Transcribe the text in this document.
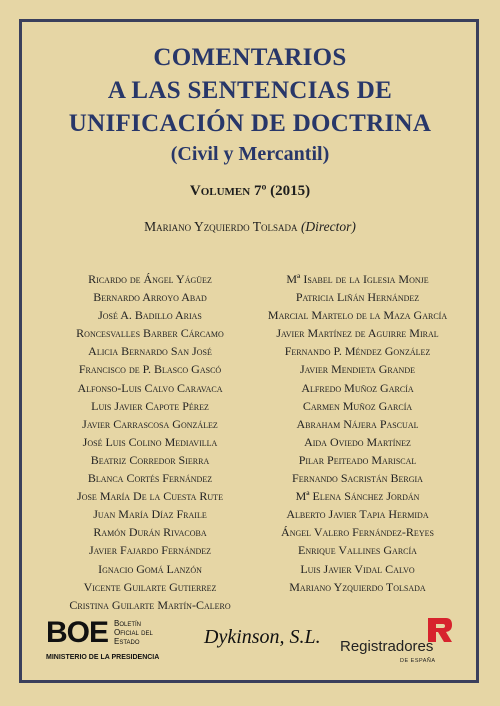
COMENTARIOS
A LAS SENTENCIAS DE
UNIFICACIÓN DE DOCTRINA
(Civil y Mercantil)
Volumen 7º (2015)
Mariano Yzquierdo Tolsada (Director)
Ricardo de Ángel Yágüez
Bernardo Arroyo Abad
José A. Badillo Arias
Roncesvalles Barber Cárcamo
Alicia Bernardo San José
Francisco de P. Blasco Gascó
Alfonso-Luis Calvo Caravaca
Luis Javier Capote Pérez
Javier Carrascosa González
José Luis Colino Mediavilla
Beatriz Corredor Sierra
Blanca Cortés Fernández
Jose María De la Cuesta Rute
Juan María Díaz Fraile
Ramón Durán Rivacoba
Javier Fajardo Fernández
Ignacio Gomá Lanzón
Vicente Guilarte Gutierrez
Cristina Guilarte Martín-Calero
Mª Isabel de la Iglesia Monje
Patricia Liñán Hernández
Marcial Martelo de la Maza García
Javier Martínez de Aguirre Miral
Fernando P. Méndez González
Javier Mendieta Grande
Alfredo Muñoz García
Carmen Muñoz García
Abraham Nájera Pascual
Aida Oviedo Martínez
Pilar Peiteado Mariscal
Fernando Sacristán Bergia
Mª Elena Sánchez Jordán
Alberto Javier Tapia Hermida
Ángel Valero Fernández-Reyes
Enrique Vallines García
Luis Javier Vidal Calvo
Mariano Yzquierdo Tolsada
BOE Boletín
Oficial del
Estado
MINISTERIO DE LA PRESIDENCIA
Dykinson, S.L. Registradores
DE ESPAÑA
